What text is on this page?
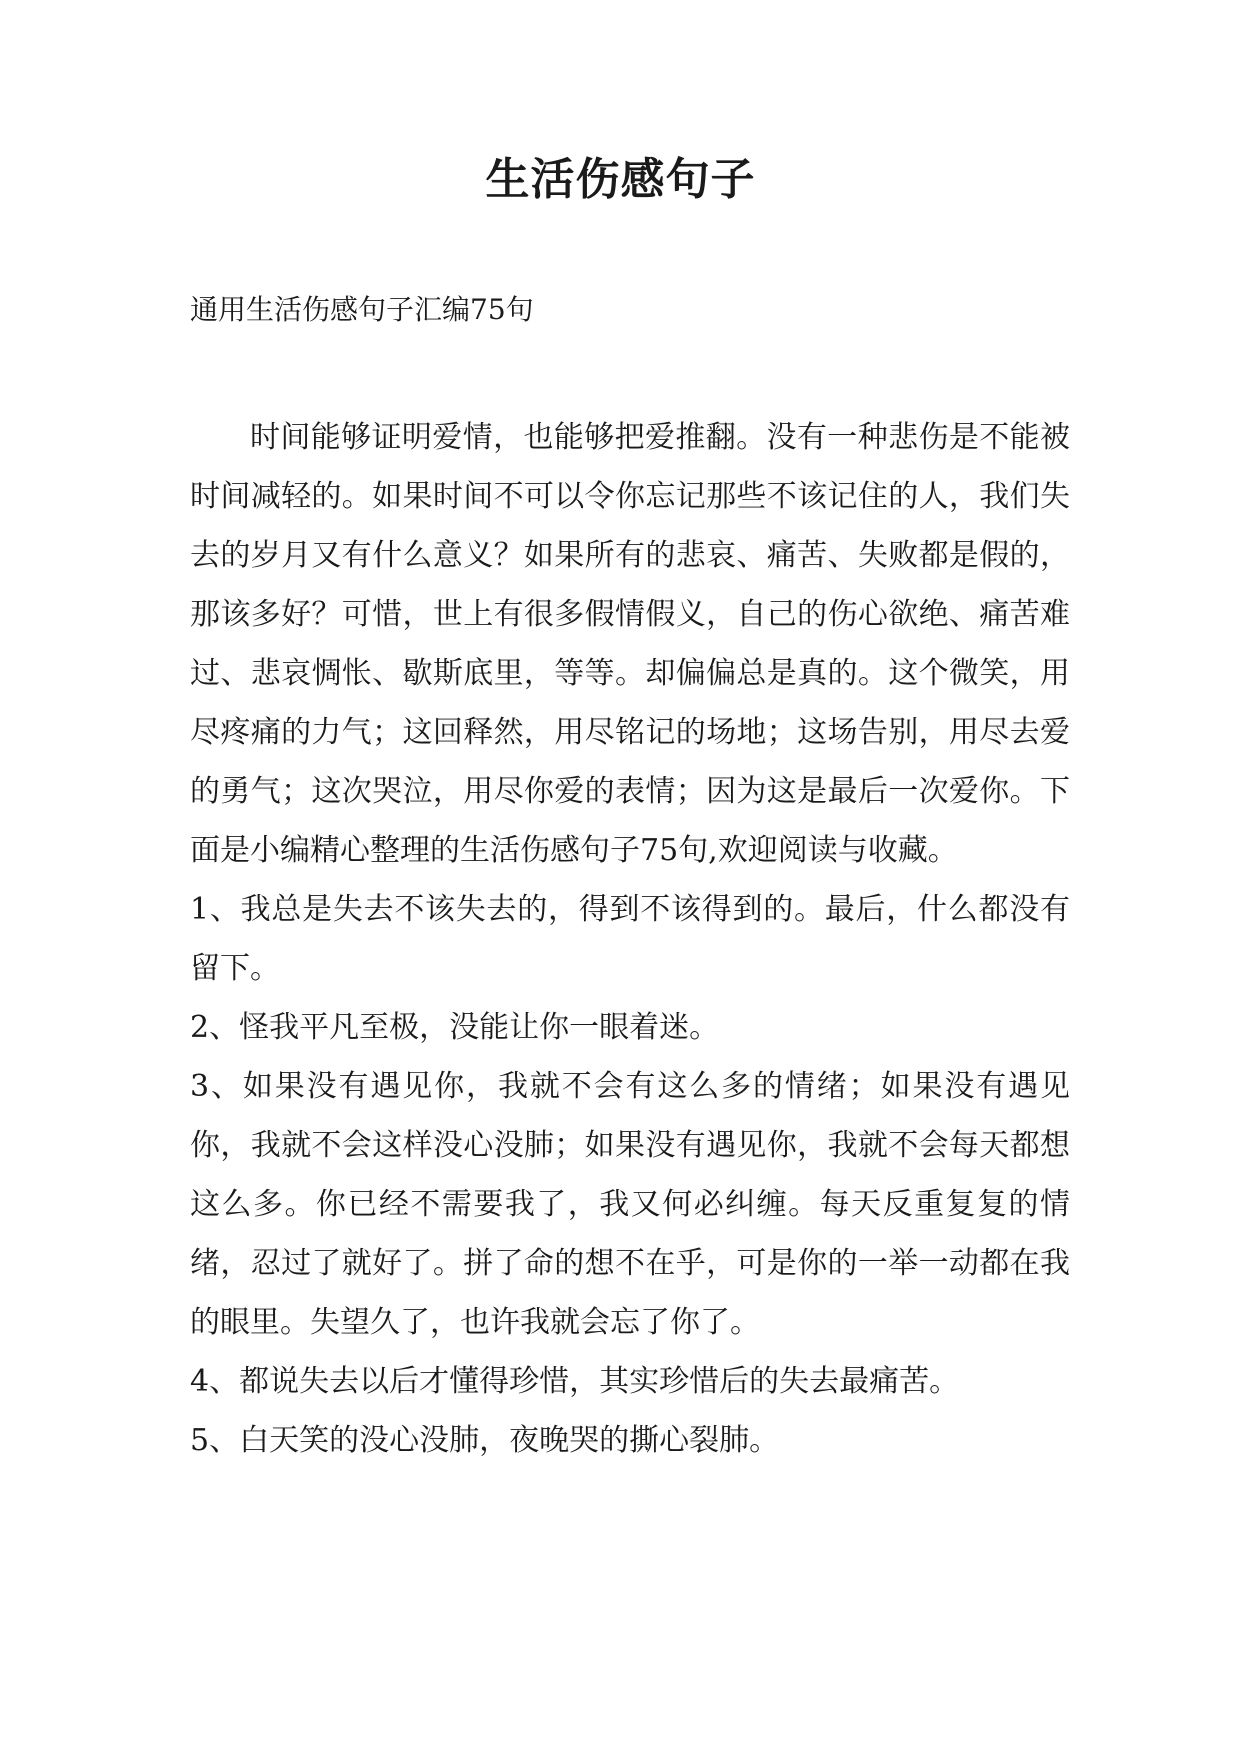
生活伤感句子

通用生活伤感句子汇编75句

时间能够证明爱情，也能够把爱推翻。没有一种悲伤是不能被时间减轻的。如果时间不可以令你忘记那些不该记住的人，我们失去的岁月又有什么意义？如果所有的悲哀、痛苦、失败都是假的，那该多好？可惜，世上有很多假情假义，自己的伤心欲绝、痛苦难过、悲哀惆怅、歇斯底里，等等。却偏偏总是真的。这个微笑，用尽疼痛的力气；这回释然，用尽铭记的场地；这场告别，用尽去爱的勇气；这次哭泣，用尽你爱的表情；因为这是最后一次爱你。下面是小编精心整理的生活伤感句子75句,欢迎阅读与收藏。

1、我总是失去不该失去的，得到不该得到的。最后，什么都没有留下。

2、怪我平凡至极，没能让你一眼着迷。

3、如果没有遇见你，我就不会有这么多的情绪；如果没有遇见你，我就不会这样没心没肺；如果没有遇见你，我就不会每天都想这么多。你已经不需要我了，我又何必纠缠。每天反重复复的情绪，忍过了就好了。拼了命的想不在乎，可是你的一举一动都在我的眼里。失望久了，也许我就会忘了你了。

4、都说失去以后才懂得珍惜，其实珍惜后的失去最痛苦。

5、白天笑的没心没肺，夜晚哭的撕心裂肺。
